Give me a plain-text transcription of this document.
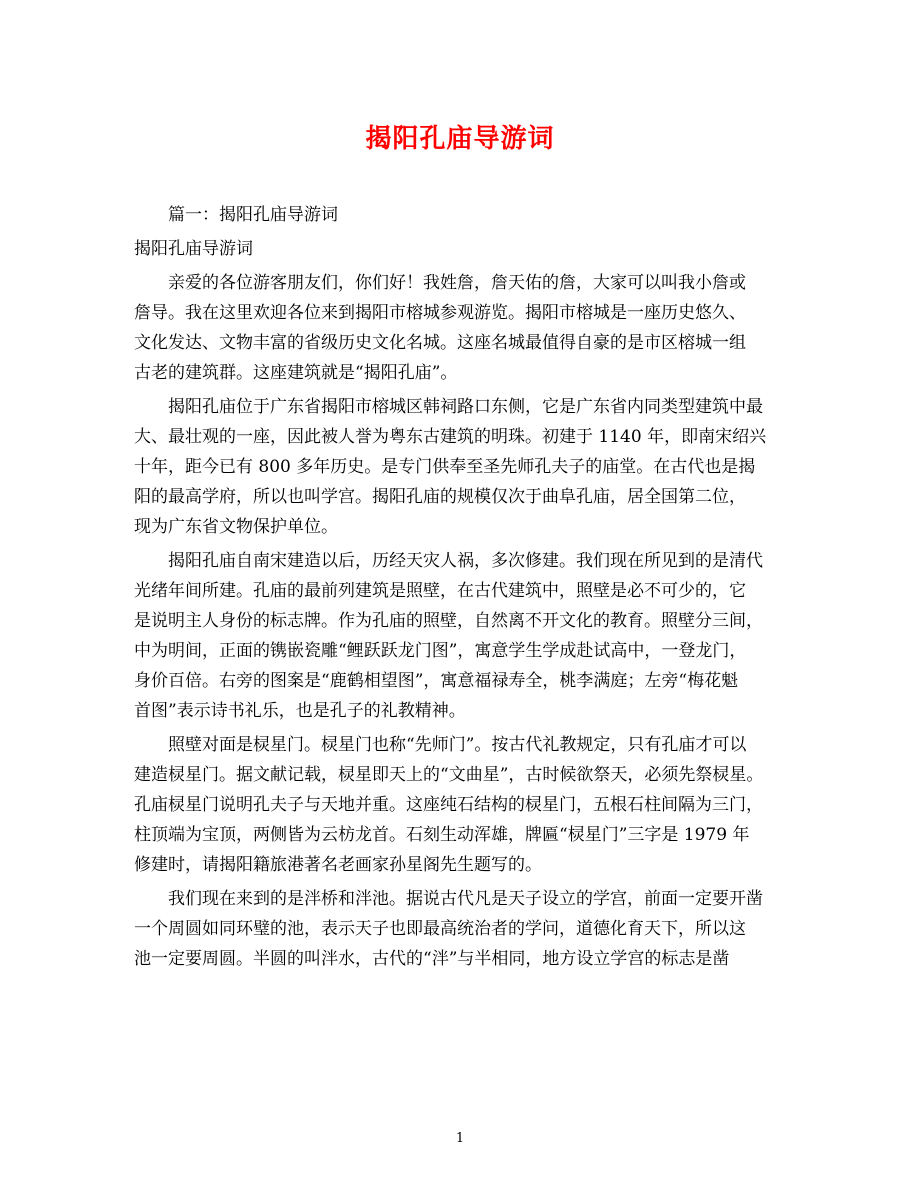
揭阳孔庙导游词
篇一：揭阳孔庙导游词
揭阳孔庙导游词
亲爱的各位游客朋友们，你们好！我姓詹，詹天佑的詹，大家可以叫我小詹或
詹导。我在这里欢迎各位来到揭阳市榕城参观游览。揭阳市榕城是一座历史悠久、
文化发达、文物丰富的省级历史文化名城。这座名城最值得自豪的是市区榕城一组
古老的建筑群。这座建筑就是“揭阳孔庙”。
揭阳孔庙位于广东省揭阳市榕城区韩祠路口东侧，它是广东省内同类型建筑中最
大、最壮观的一座，因此被人誉为粤东古建筑的明珠。初建于 1140 年，即南宋绍兴
十年，距今已有 800 多年历史。是专门供奉至圣先师孔夫子的庙堂。在古代也是揭
阳的最高学府，所以也叫学宫。揭阳孔庙的规模仅次于曲阜孔庙，居全国第二位，
现为广东省文物保护单位。
揭阳孔庙自南宋建造以后，历经天灾人祸，多次修建。我们现在所见到的是清代
光绪年间所建。孔庙的最前列建筑是照壁，在古代建筑中，照壁是必不可少的，它
是说明主人身份的标志牌。作为孔庙的照壁，自然离不开文化的教育。照壁分三间，
中为明间，正面的镌嵌瓷雕“鲤跃跃龙门图”，寓意学生学成赴试高中，一登龙门，
身价百倍。右旁的图案是“鹿鹤相望图”，寓意福禄寿全，桃李满庭；左旁“梅花魁
首图”表示诗书礼乐，也是孔子的礼教精神。
照壁对面是棂星门。棂星门也称“先师门”。按古代礼教规定，只有孔庙才可以
建造棂星门。据文献记载，棂星即天上的“文曲星”，古时候欲祭天，必须先祭棂星。
孔庙棂星门说明孔夫子与天地并重。这座纯石结构的棂星门，五根石柱间隔为三门，
柱顶端为宝顶，两侧皆为云枋龙首。石刻生动浑雄，牌匾“棂星门”三字是 1979 年
修建时，请揭阳籍旅港著名老画家孙星阁先生题写的。
我们现在来到的是泮桥和泮池。据说古代凡是天子设立的学宫，前面一定要开凿
一个周圆如同环璧的池，表示天子也即最高统治者的学问，道德化育天下，所以这
池一定要周圆。半圆的叫泮水，古代的“泮”与半相同，地方设立学宫的标志是凿
1
